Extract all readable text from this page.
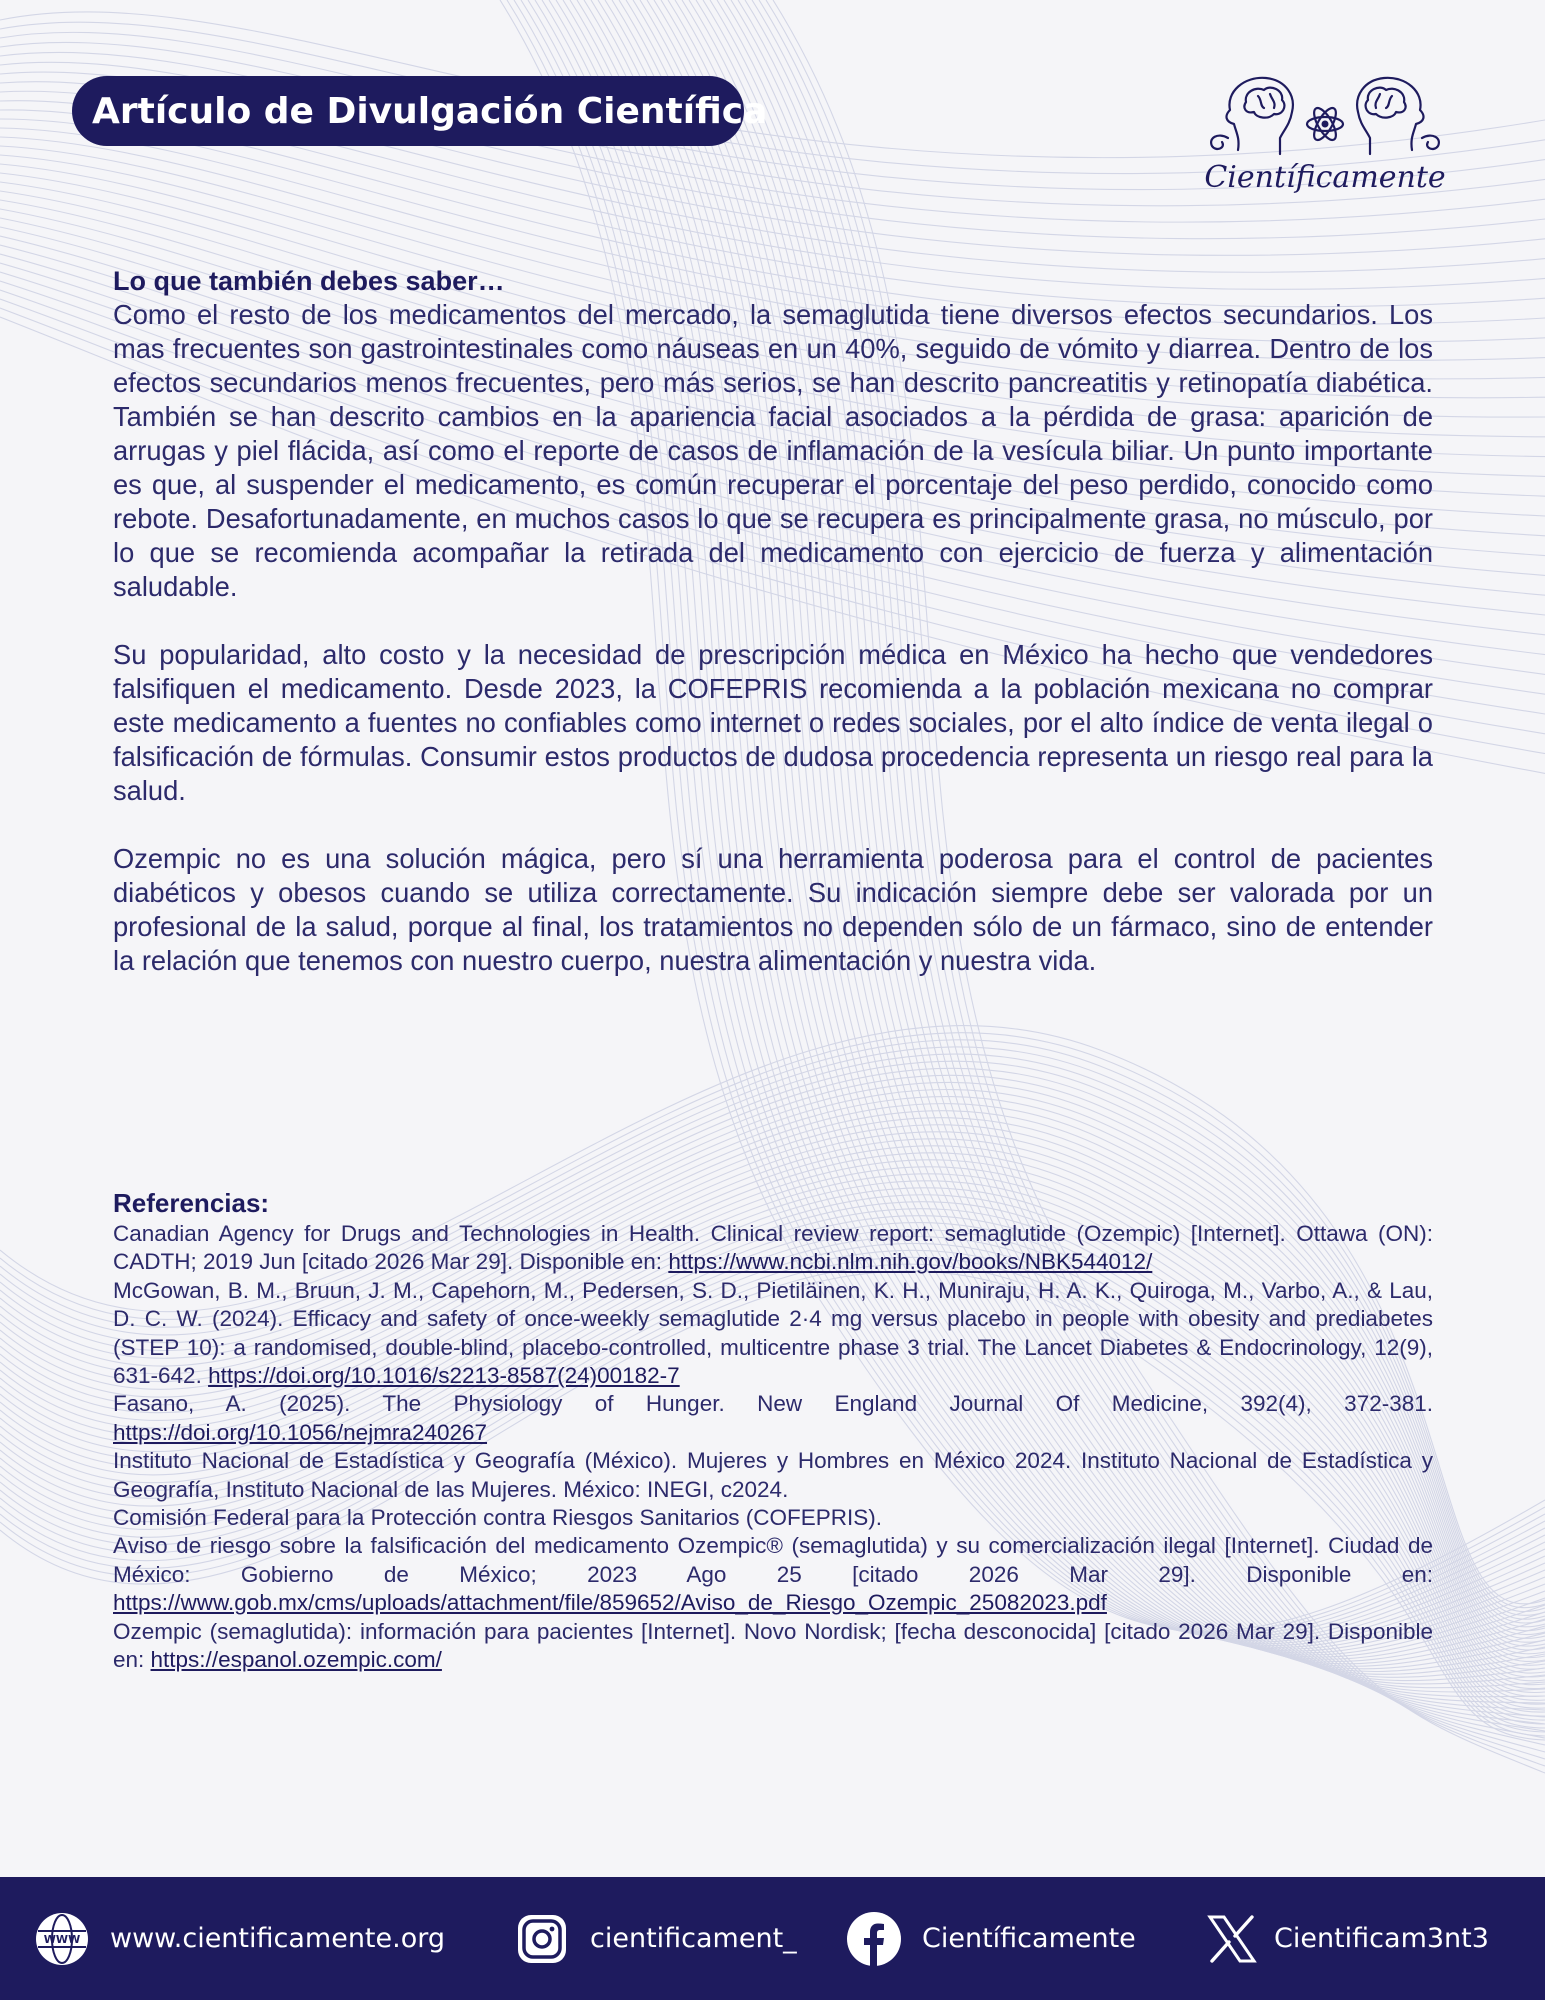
Artículo de Divulgación Científica
Científicamente
Lo que también debes saber…

Como el resto de los medicamentos del mercado, la semaglutida tiene diversos efectos secundarios. Los mas frecuentes son gastrointestinales como náuseas en un 40%, seguido de vómito y diarrea. Dentro de los efectos secundarios menos frecuentes, pero más serios, se han descrito pancreatitis y retinopatía diabética. También se han descrito cambios en la apariencia facial asociados a la pérdida de grasa: aparición de arrugas y piel flácida, así como el reporte de casos de inflamación de la vesícula biliar. Un punto importante es que, al suspender el medicamento, es común recuperar el porcentaje del peso perdido, conocido como rebote. Desafortunadamente, en muchos casos lo que se recupera es principalmente grasa, no músculo, por lo que se recomienda acompañar la retirada del medicamento con ejercicio de fuerza y alimentación saludable.

Su popularidad, alto costo y la necesidad de prescripción médica en México ha hecho que vendedores falsifiquen el medicamento. Desde 2023, la COFEPRIS recomienda a la población mexicana no comprar este medicamento a fuentes no confiables como internet o redes sociales, por el alto índice de venta ilegal o falsificación de fórmulas. Consumir estos productos de dudosa procedencia representa un riesgo real para la salud.

Ozempic no es una solución mágica, pero sí una herramienta poderosa para el control de pacientes diabéticos y obesos cuando se utiliza correctamente. Su indicación siempre debe ser valorada por un profesional de la salud, porque al final, los tratamientos no dependen sólo de un fármaco, sino de entender la relación que tenemos con nuestro cuerpo, nuestra alimentación y nuestra vida.

Referencias:
Canadian Agency for Drugs and Technologies in Health. Clinical review report: semaglutide (Ozempic) [Internet]. Ottawa (ON): CADTH; 2019 Jun [citado 2026 Mar 29]. Disponible en: https://www.ncbi.nlm.nih.gov/books/NBK544012/
McGowan, B. M., Bruun, J. M., Capehorn, M., Pedersen, S. D., Pietiläinen, K. H., Muniraju, H. A. K., Quiroga, M., Varbo, A., & Lau, D. C. W. (2024). Efficacy and safety of once-weekly semaglutide 2·4 mg versus placebo in people with obesity and prediabetes (STEP 10): a randomised, double-blind, placebo-controlled, multicentre phase 3 trial. The Lancet Diabetes & Endocrinology, 12(9), 631-642. https://doi.org/10.1016/s2213-8587(24)00182-7
Fasano, A. (2025). The Physiology of Hunger. New England Journal Of Medicine, 392(4), 372-381. https://doi.org/10.1056/nejmra240267
Instituto Nacional de Estadística y Geografía (México). Mujeres y Hombres en México 2024. Instituto Nacional de Estadística y Geografía, Instituto Nacional de las Mujeres. México: INEGI, c2024.
Comisión Federal para la Protección contra Riesgos Sanitarios (COFEPRIS).
Aviso de riesgo sobre la falsificación del medicamento Ozempic® (semaglutida) y su comercialización ilegal [Internet]. Ciudad de México: Gobierno de México; 2023 Ago 25 [citado 2026 Mar 29]. Disponible en: https://www.gob.mx/cms/uploads/attachment/file/859652/Aviso_de_Riesgo_Ozempic_25082023.pdf
Ozempic (semaglutida): información para pacientes [Internet]. Novo Nordisk; [fecha desconocida] [citado 2026 Mar 29]. Disponible en: https://espanol.ozempic.com/
WWW www.cientificamente.org	cientificament_	Científicamente	Cientificam3nt3
